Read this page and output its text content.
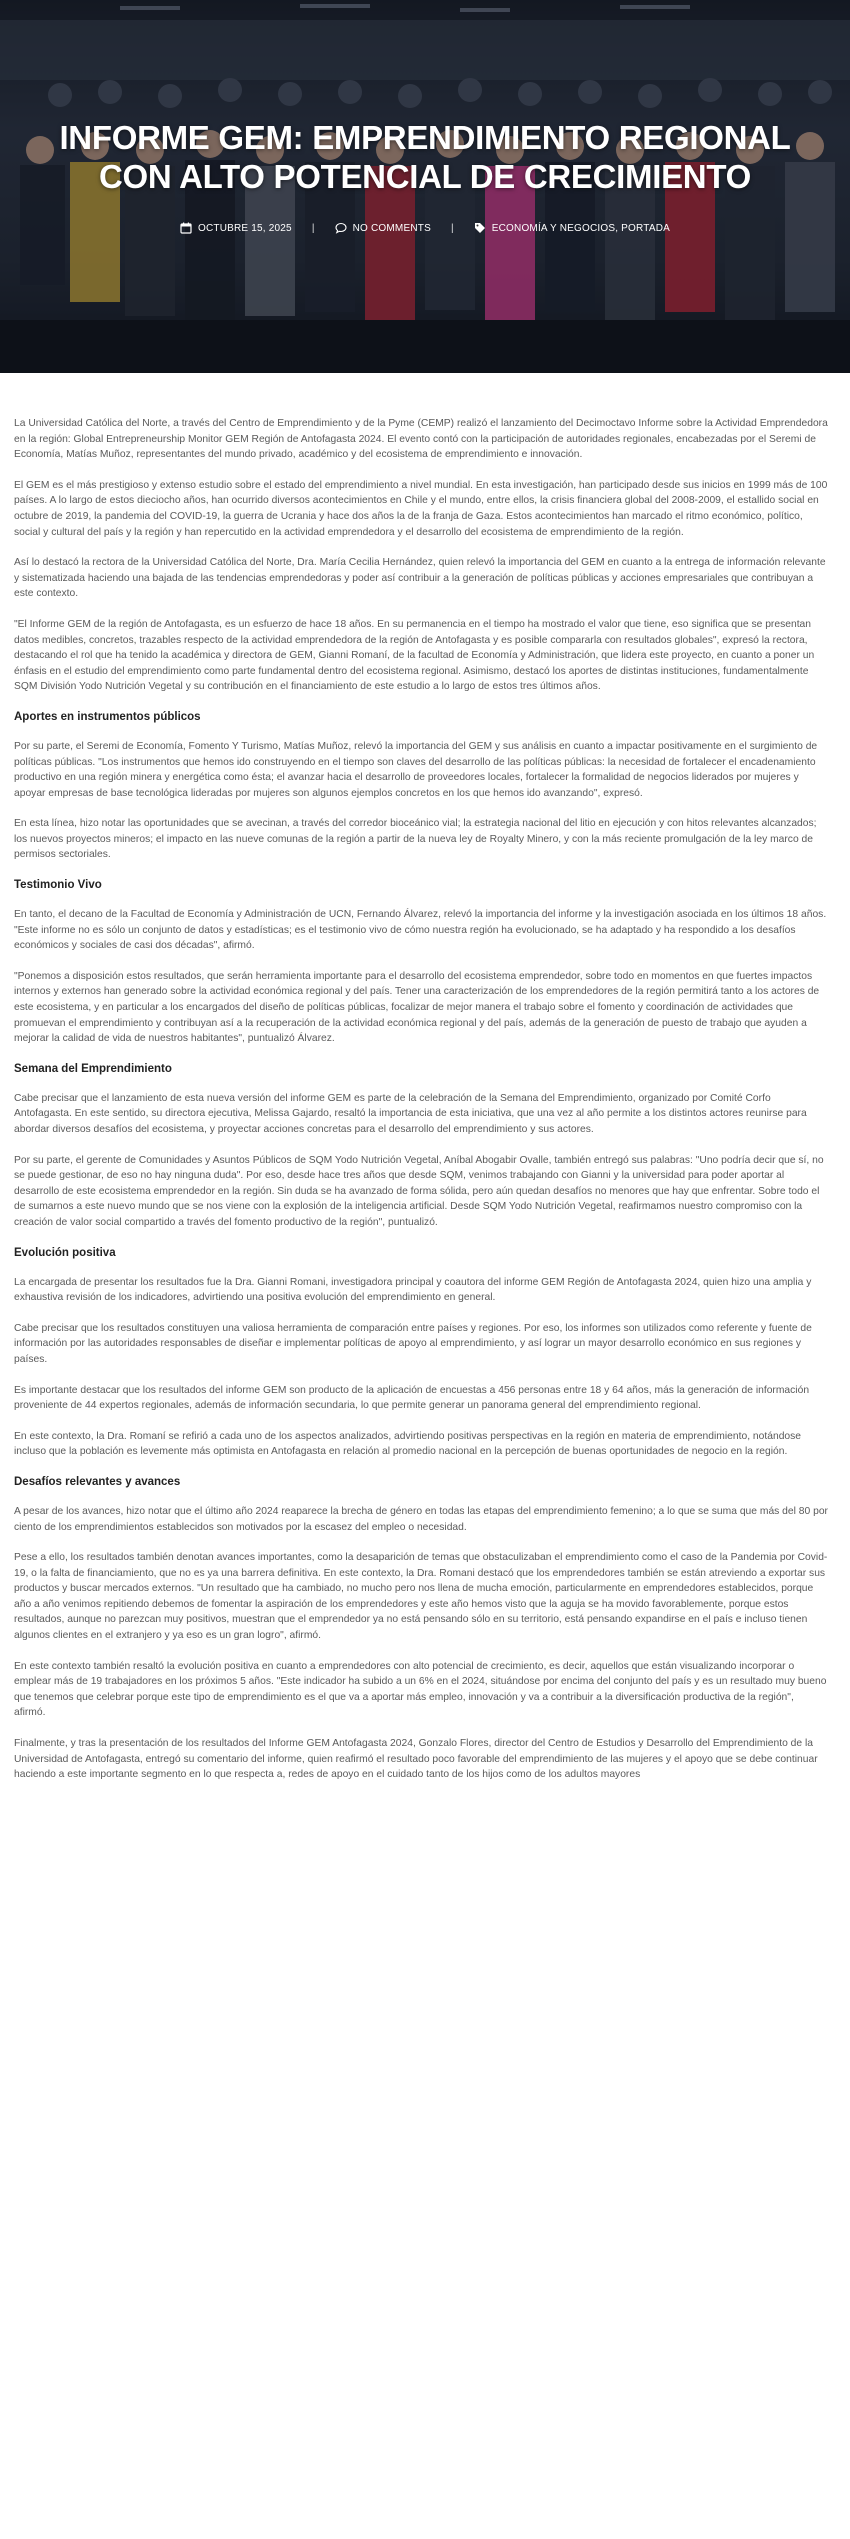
INFORME GEM: EMPRENDIMIENTO REGIONAL CON ALTO POTENCIAL DE CRECIMIENTO
OCTUBRE 15, 2025 |	NO COMMENTS |	ECONOMÍA Y NEGOCIOS, PORTADA

La Universidad Católica del Norte, a través del Centro de Emprendimiento y de la Pyme (CEMP) realizó el lanzamiento del Decimoctavo Informe sobre la Actividad Emprendedora en la región: Global Entrepreneurship Monitor GEM Región de Antofagasta 2024. El evento contó con la participación de autoridades regionales, encabezadas por el Seremi de Economía, Matías Muñoz, representantes del mundo privado, académico y del ecosistema de emprendimiento e innovación.

El GEM es el más prestigioso y extenso estudio sobre el estado del emprendimiento a nivel mundial. En esta investigación, han participado desde sus inicios en 1999 más de 100 países. A lo largo de estos dieciocho años, han ocurrido diversos acontecimientos en Chile y el mundo, entre ellos, la crisis financiera global del 2008-2009, el estallido social en octubre de 2019, la pandemia del COVID-19, la guerra de Ucrania y hace dos años la de la franja de Gaza. Estos acontecimientos han marcado el ritmo económico, político, social y cultural del país y la región y han repercutido en la actividad emprendedora y el desarrollo del ecosistema de emprendimiento de la región.

Así lo destacó la rectora de la Universidad Católica del Norte, Dra. María Cecilia Hernández, quien relevó la importancia del GEM en cuanto a la entrega de información relevante y sistematizada haciendo una bajada de las tendencias emprendedoras y poder así contribuir a la generación de políticas públicas y acciones empresariales que contribuyan a este contexto.

"El Informe GEM de la región de Antofagasta, es un esfuerzo de hace 18 años. En su permanencia en el tiempo ha mostrado el valor que tiene, eso significa que se presentan datos medibles, concretos, trazables respecto de la actividad emprendedora de la región de Antofagasta y es posible compararla con resultados globales", expresó la rectora, destacando el rol que ha tenido la académica y directora de GEM, Gianni Romaní, de la facultad de Economía y Administración, que lidera este proyecto, en cuanto a poner un énfasis en el estudio del emprendimiento como parte fundamental dentro del ecosistema regional. Asimismo, destacó los aportes de distintas instituciones, fundamentalmente SQM División Yodo Nutrición Vegetal y su contribución en el financiamiento de este estudio a lo largo de estos tres últimos años.

Aportes en instrumentos públicos

Por su parte, el Seremi de Economía, Fomento Y Turismo, Matías Muñoz, relevó la importancia del GEM y sus análisis en cuanto a impactar positivamente en el surgimiento de políticas públicas. "Los instrumentos que hemos ido construyendo en el tiempo son claves del desarrollo de las políticas públicas: la necesidad de fortalecer el encadenamiento productivo en una región minera y energética como ésta; el avanzar hacia el desarrollo de proveedores locales, fortalecer la formalidad de negocios liderados por mujeres y apoyar empresas de base tecnológica lideradas por mujeres son algunos ejemplos concretos en los que hemos ido avanzando", expresó.

En esta línea, hizo notar las oportunidades que se avecinan, a través del corredor bioceánico vial; la estrategia nacional del litio en ejecución y con hitos relevantes alcanzados; los nuevos proyectos mineros; el impacto en las nueve comunas de la región a partir de la nueva ley de Royalty Minero, y con la más reciente promulgación de la ley marco de permisos sectoriales.

Testimonio Vivo

En tanto, el decano de la Facultad de Economía y Administración de UCN, Fernando Álvarez, relevó la importancia del informe y la investigación asociada en los últimos 18 años. "Este informe no es sólo un conjunto de datos y estadísticas; es el testimonio vivo de cómo nuestra región ha evolucionado, se ha adaptado y ha respondido a los desafíos económicos y sociales de casi dos décadas", afirmó.

"Ponemos a disposición estos resultados, que serán herramienta importante para el desarrollo del ecosistema emprendedor, sobre todo en momentos en que fuertes impactos internos y externos han generado sobre la actividad económica regional y del país. Tener una caracterización de los emprendedores de la región permitirá tanto a los actores de este ecosistema, y en particular a los encargados del diseño de políticas públicas, focalizar de mejor manera el trabajo sobre el fomento y coordinación de actividades que promuevan el emprendimiento y contribuyan así a la recuperación de la actividad económica regional y del país, además de la generación de puesto de trabajo que ayuden a mejorar la calidad de vida de nuestros habitantes", puntualizó Álvarez.

Semana del Emprendimiento

Cabe precisar que el lanzamiento de esta nueva versión del informe GEM es parte de la celebración de la Semana del Emprendimiento, organizado por Comité Corfo Antofagasta. En este sentido, su directora ejecutiva, Melissa Gajardo, resaltó la importancia de esta iniciativa, que una vez al año permite a los distintos actores reunirse para abordar diversos desafíos del ecosistema, y proyectar acciones concretas para el desarrollo del emprendimiento y sus actores.

Por su parte, el gerente de Comunidades y Asuntos Públicos de SQM Yodo Nutrición Vegetal, Aníbal Abogabir Ovalle, también entregó sus palabras: "Uno podría decir que sí, no se puede gestionar, de eso no hay ninguna duda". Por eso, desde hace tres años que desde SQM, venimos trabajando con Gianni y la universidad para poder aportar al desarrollo de este ecosistema emprendedor en la región. Sin duda se ha avanzado de forma sólida, pero aún quedan desafíos no menores que hay que enfrentar. Sobre todo el de sumarnos a este nuevo mundo que se nos viene con la explosión de la inteligencia artificial. Desde SQM Yodo Nutrición Vegetal, reafirmamos nuestro compromiso con la creación de valor social compartido a través del fomento productivo de la región", puntualizó.

Evolución positiva

La encargada de presentar los resultados fue la Dra. Gianni Romani, investigadora principal y coautora del informe GEM Región de Antofagasta 2024, quien hizo una amplia y exhaustiva revisión de los indicadores, advirtiendo una positiva evolución del emprendimiento en general.

Cabe precisar que los resultados constituyen una valiosa herramienta de comparación entre países y regiones. Por eso, los informes son utilizados como referente y fuente de información por las autoridades responsables de diseñar e implementar políticas de apoyo al emprendimiento, y así lograr un mayor desarrollo económico en sus regiones y países.

Es importante destacar que los resultados del informe GEM son producto de la aplicación de encuestas a 456 personas entre 18 y 64 años, más la generación de información proveniente de 44 expertos regionales, además de información secundaria, lo que permite generar un panorama general del emprendimiento regional.

En este contexto, la Dra. Romaní se refirió a cada uno de los aspectos analizados, advirtiendo positivas perspectivas en la región en materia de emprendimiento, notándose incluso que la población es levemente más optimista en Antofagasta en relación al promedio nacional en la percepción de buenas oportunidades de negocio en la región.

Desafíos relevantes y avances

A pesar de los avances, hizo notar que el último año 2024 reaparece la brecha de género en todas las etapas del emprendimiento femenino; a lo que se suma que más del 80 por ciento de los emprendimientos establecidos son motivados por la escasez del empleo o necesidad.

Pese a ello, los resultados también denotan avances importantes, como la desaparición de temas que obstaculizaban el emprendimiento como el caso de la Pandemia por Covid-19, o la falta de financiamiento, que no es ya una barrera definitiva. En este contexto, la Dra. Romani destacó que los emprendedores también se están atreviendo a exportar sus productos y buscar mercados externos. "Un resultado que ha cambiado, no mucho pero nos llena de mucha emoción, particularmente en emprendedores establecidos, porque año a año venimos repitiendo debemos de fomentar la aspiración de los emprendedores y este año hemos visto que la aguja se ha movido favorablemente, porque estos resultados, aunque no parezcan muy positivos, muestran que el emprendedor ya no está pensando sólo en su territorio, está pensando expandirse en el país e incluso tienen algunos clientes en el extranjero y ya eso es un gran logro", afirmó.

En este contexto también resaltó la evolución positiva en cuanto a emprendedores con alto potencial de crecimiento, es decir, aquellos que están visualizando incorporar o emplear más de 19 trabajadores en los próximos 5 años. "Este indicador ha subido a un 6% en el 2024, situándose por encima del conjunto del país y es un resultado muy bueno que tenemos que celebrar porque este tipo de emprendimiento es el que va a aportar más empleo, innovación y va a contribuir a la diversificación productiva de la región", afirmó.

Finalmente, y tras la presentación de los resultados del Informe GEM Antofagasta 2024, Gonzalo Flores, director del Centro de Estudios y Desarrollo del Emprendimiento de la Universidad de Antofagasta, entregó su comentario del informe, quien reafirmó el resultado poco favorable del emprendimiento de las mujeres y el apoyo que se debe continuar haciendo a este importante segmento en lo que respecta a, redes de apoyo en el cuidado tanto de los hijos como de los adultos mayores
